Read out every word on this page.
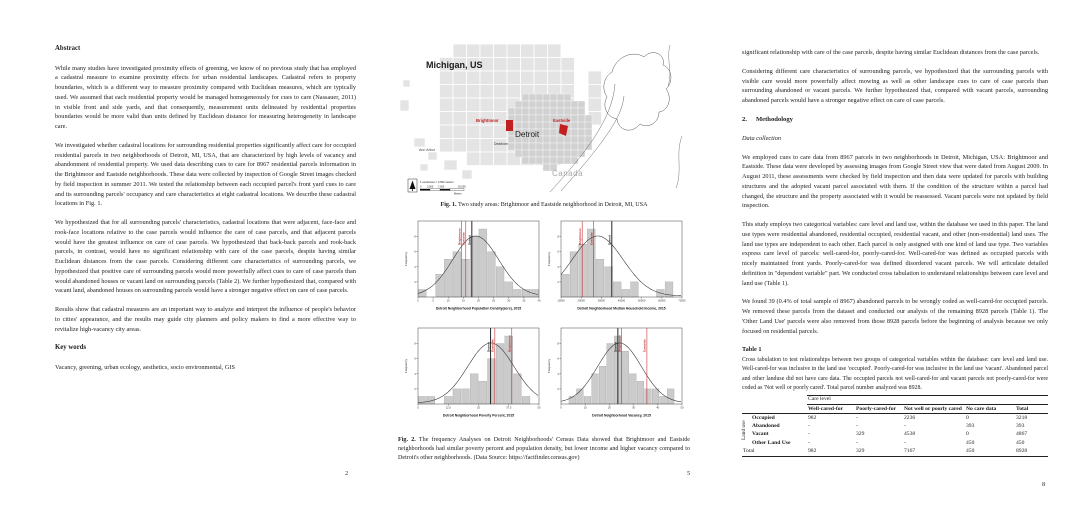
Abstract

While many studies have investigated proximity effects of greening, we know of no previous study that has employed a cadastral measure to examine proximity effects for urban residential landscapes. Cadastral refers to property boundaries, which is a different way to measure proximity compared with Euclidean measures, which are typically used. We assumed that each residential property would be managed homogeneously for cues to care (Nassauer, 2011) in visible front and side yards, and that consequently, measurement units delineated by residential properties boundaries would be more valid than units defined by Euclidean distance for measuring heterogeneity in landscape care.

We investigated whether cadastral locations for surrounding residential properties significantly affect care for occupied residential parcels in two neighborhoods of Detroit, MI, USA, that are characterized by high levels of vacancy and abandonment of residential property. We used data describing cues to care for 8967 residential parcels information in the Brightmoor and Eastside neighborhoods. These data were collected by inspection of Google Street images checked by field inspection in summer 2011. We tested the relationship between each occupied parcel's front yard cues to care and its surrounding parcels' occupancy and care characteristics at eight cadastral locations. We describe these cadastral locations in Fig. 1.

We hypothesized that for all surrounding parcels' characteristics, cadastral locations that were adjacent, face-face and rook-face locations relative to the case parcels would influence the care of case parcels, and that adjacent parcels would have the greatest influence on care of case parcels. We hypothesized that back-back parcels and rook-back parcels, in contrast, would have no significant relationship with care of the case parcels, despite having similar Euclidean distances from the case parcels. Considering different care characteristics of surrounding parcels, we hypothesized that positive care of surrounding parcels would more powerfully affect cues to care of case parcels than would abandoned houses or vacant land on surrounding parcels (Table 2). We further hypothesized that, compared with vacant land, abandoned houses on surrounding parcels would have a stronger negative effect on care of case parcels.

Results show that cadastral measures are an important way to analyze and interpret the influence of people's behavior to cities' appearance, and the results may guide city planners and policy makers to find a more effective way to revitalize high-vacancy city areas.

Key words

Vacancy, greening, urban ecology, aesthetics, socio environmental, GIS

2
Michigan, US
Brightmoor	Eastside
Detroit
Dearborn
Ann Arbor
Canada
1 centimeter = 3,500 meters
0 3,500 7,000	20,000
Meters
Fig. 1. Two study areas: Brightmoor and Eastside neighborhood in Detroit, MI, USA
2
4
6
8
0	5	10	15	20	25	30	35	40
Brightmoor Eastside Detroit
Frequency
Detroit Neighborhood Population Density(acre), 2015
2
4
6
8
10000	20000	30000	40000	50000	60000	70000
Brightmoor Eastside	Detroit
Frequency
Detroit Neighborhood Median Household Income, 2015
2
4
6
8
0	12.5	25	37.5	50
Detroit Eastside	Brightmoor
Frequency
Detroit Neighborhood Poverty Percent, 2015
2
4
6
8
0	10	20	30	40	50
Detroit Brightmoor	Eastside
Frequency
Detroit Neighborhood Vacancy, 2015
Fig. 2. The frequency Analyses on Detroit Neighborhoods' Census Data showed that Brightmoor and Eastside neighborhoods had similar poverty percent and population density, but lower income and higher vacancy compared to Detroit's other neighborhoods. (Data Source: https://factfinder.census.gov)
5

significant relationship with care of the case parcels, despite having similar Euclidean distances from the case parcels.

Considering different care characteristics of surrounding parcels, we hypothesized that the surrounding parcels with visible care would more powerfully affect mowing as well as other landscape cues to care of case parcels than surrounding abandoned or vacant parcels. We further hypothesized that, compared with vacant parcels, surrounding abandoned parcels would have a stronger negative effect on care of case parcels.

2. Methodology

Data collection

We employed cues to care data from 8967 parcels in two neighborhoods in Detroit, Michigan, USA: Brightmoor and Eastside. These data were developed by assessing images from Google Street view that were dated from August 2009. In August 2011, these assessments were checked by field inspection and then data were updated for parcels with building structures and the adopted vacant parcel associated with them. If the condition of the structure within a parcel had changed, the structure and the property associated with it would be reassessed. Vacant parcels were not updated by field inspection.

This study employs two categorical variables: care level and land use, within the database we used in this paper. The land use types were residential abandoned, residential occupied, residential vacant, and other (non-residential) land uses. The land use types are independent to each other. Each parcel is only assigned with one kind of land use type. Two variables express care level of parcels: well-cared-for, poorly-cared-for. Well-cared-for was defined as occupied parcels with nicely maintained front yards. Poorly-cared-for was defined disordered vacant parcels. We will articulate detailed definition in "dependent variable" part. We conducted cross tabulation to understand relationships between care level and land use (Table 1).

We found 39 (0.4% of total sample of 8967) abandoned parcels to be wrongly coded as well-cared-for occupied parcels. We removed these parcels from the dataset and conducted our analysis of the remaining 8928 parcels (Table 1). The 'Other Land Use' parcels were also removed from those 8928 parcels before the beginning of analysis because we only focused on residential parcels.

Table 1

Cross tabulation to test relationships between two groups of categorical variables within the database: care level and land use. Well-cared-for was inclusive in the land use 'occupied'. Poorly-cared-for was inclusive in the land use 'vacant'. Abandoned parcel and other landuse did not have care data. The occupied parcels not well-cared-for and vacant parcels not poorly-cared-for were coded as 'Not well or poorly cared'. Total parcel number analyzed was 8928.

		Care level				
		Well-cared-for	Poorly-cared-for	Not well or poorly cared	No care data	Total

Land use	Occupied	982	-	2236	0	3218
	Abandoned	-	-	-	393	393
	Vacant	-	329	4538	0	4867
	Other Land Use	-	-	-	450	450
Total		982	329	7167	450	8928
8
